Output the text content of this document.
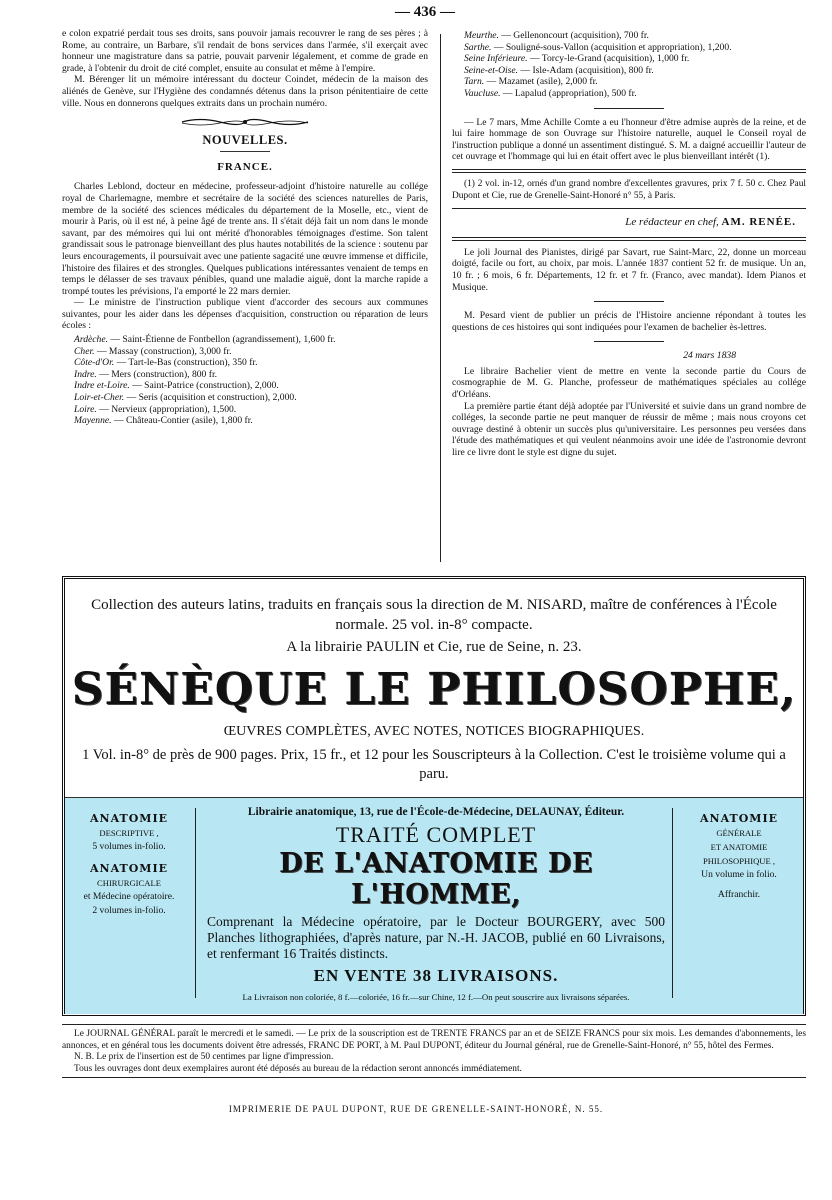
— 436 —

e colon expatrié perdait tous ses droits, sans pouvoir jamais recouvrer le rang de ses pères ; à Rome, au contraire, un Barbare, s'il rendait de bons services dans l'armée, s'il exerçait avec honneur une magistrature dans sa patrie, pouvait parvenir légalement, et comme de grade en grade, à l'obtenir du droit de cité complet, ensuite au consulat et même à l'empire.

M. Bérenger lit un mémoire intéressant du docteur Coindet, médecin de la maison des aliénés de Genève, sur l'Hygiène des condamnés détenus dans la prison pénitentiaire de cette ville. Nous en donnerons quelques extraits dans un prochain numéro.

NOUVELLES.
FRANCE.

Charles Leblond, docteur en médecine, professeur-adjoint d'histoire naturelle au collége royal de Charlemagne, membre et secrétaire de la société des sciences naturelles de Paris, membre de la société des sciences médicales du département de la Moselle, etc., vient de mourir à Paris, où il est né, à peine âgé de trente ans. Il s'était déjà fait un nom dans le monde savant, par des mémoires qui lui ont mérité d'honorables témoignages d'estime. Son talent grandissait sous le patronage bienveillant des plus hautes notabilités de la science : soutenu par leurs encouragements, il poursuivait avec une patiente sagacité une œuvre immense et difficile, l'histoire des filaires et des strongles. Quelques publications intéressantes venaient de temps en temps le délasser de ses travaux pénibles, quand une maladie aiguë, dont la marche rapide a trompé toutes les prévisions, l'a emporté le 22 mars dernier.

— Le ministre de l'instruction publique vient d'accorder des secours aux communes suivantes, pour les aider dans les dépenses d'acquisition, construction ou réparation de leurs écoles :

Ardèche. — Saint-Étienne de Fontbellon (agrandissement), 1,600 fr.
Cher. — Massay (construction), 3,000 fr.
Côte-d'Or. — Tart-le-Bas (construction), 350 fr.
Indre. — Mers (construction), 800 fr.
Indre et-Loire. — Saint-Patrice (construction), 2,000.
Loir-et-Cher. — Seris (acquisition et construction), 2,000.
Loire. — Nervieux (appropriation), 1,500.
Mayenne. — Château-Contier (asile), 1,800 fr.
Meurthe. — Gellenoncourt (acquisition), 700 fr.
Sarthe. — Souligné-sous-Vallon (acquisition et appropriation), 1,200.
Seine Inférieure. — Torcy-le-Grand (acquisition), 1,000 fr.
Seine-et-Oise. — Isle-Adam (acquisition), 800 fr.
Tarn. — Mazamet (asile), 2,000 fr.
Vaucluse. — Lapalud (appropriation), 500 fr.

— Le 7 mars, Mme Achille Comte a eu l'honneur d'être admise auprès de la reine, et de lui faire hommage de son Ouvrage sur l'histoire naturelle, auquel le Conseil royal de l'instruction publique a donné un assentiment distingué. S. M. a daigné accueillir l'auteur de cet ouvrage et l'hommage qui lui en était offert avec le plus bienveillant intérêt (1).

(1) 2 vol. in-12, ornés d'un grand nombre d'excellentes gravures, prix 7 f. 50 c. Chez Paul Dupont et Cie, rue de Grenelle-Saint-Honoré n° 55, à Paris.

Le rédacteur en chef, AM. RENÉE.

Le joli Journal des Pianistes, dirigé par Savart, rue Saint-Marc, 22, donne un morceau doigté, facile ou fort, au choix, par mois. L'année 1837 contient 52 fr. de musique. Un an, 10 fr. ; 6 mois, 6 fr. Départements, 12 fr. et 7 fr. (Franco, avec mandat). Idem Pianos et Musique.

M. Pesard vient de publier un précis de l'Histoire ancienne répondant à toutes les questions de ces histoires qui sont indiquées pour l'examen de bachelier ès-lettres.

24 mars 1838

Le libraire Bachelier vient de mettre en vente la seconde partie du Cours de cosmographie de M. G. Planche, professeur de mathématiques spéciales au collége d'Orléans.

La première partie étant déjà adoptée par l'Université et suivie dans un grand nombre de colléges, la seconde partie ne peut manquer de réussir de même ; mais nous croyons cet ouvrage destiné à obtenir un succès plus qu'universitaire. Les personnes peu versées dans l'étude des mathématiques et qui veulent néanmoins avoir une idée de l'astronomie devront lire ce livre dont le style est digne du sujet.

Collection des auteurs latins, traduits en français sous la direction de M. NISARD, maître de conférences à l'École normale. 25 vol. in-8° compacte.
A la librairie PAULIN et Cie, rue de Seine, n. 23.
SÉNÈQUE LE PHILOSOPHE,
ŒUVRES COMPLÈTES, AVEC NOTES, NOTICES BIOGRAPHIQUES.
1 Vol. in-8° de près de 900 pages. Prix, 15 fr., et 12 pour les Souscripteurs à la Collection. C'est le troisième volume qui a paru.
ANATOMIE
DESCRIPTIVE ,
5 volumes in-folio.
ANATOMIE
CHIRURGICALE
et Médecine opératoire.
2 volumes in-folio.
Librairie anatomique, 13, rue de l'École-de-Médecine, DELAUNAY, Éditeur.
TRAITÉ COMPLET
DE L'ANATOMIE DE L'HOMME,
Comprenant la Médecine opératoire, par le Docteur BOURGERY, avec 500 Planches lithographiées, d'après nature, par N.-H. JACOB, publié en 60 Livraisons, et renfermant 16 Traités distincts.
EN VENTE 38 LIVRAISONS.
La Livraison non coloriée, 8 f.—coloriée, 16 fr.—sur Chine, 12 f.—On peut souscrire aux livraisons séparées.
ANATOMIE
GÉNÉRALE
ET ANATOMIE
PHILOSOPHIQUE ,
Un volume in folio.
Affranchir.

Le JOURNAL GÉNÉRAL paraît le mercredi et le samedi. — Le prix de la souscription est de TRENTE FRANCS par an et de SEIZE FRANCS pour six mois. Les demandes d'abonnements, les annonces, et en général tous les documents doivent être adressés, FRANC DE PORT, à M. Paul DUPONT, éditeur du Journal général, rue de Grenelle-Saint-Honoré, n° 55, hôtel des Fermes.

N. B. Le prix de l'insertion est de 50 centimes par ligne d'impression.

Tous les ouvrages dont deux exemplaires auront été déposés au bureau de la rédaction seront annoncés immédiatement.

IMPRIMERIE DE PAUL DUPONT, RUE DE GRENELLE-SAINT-HONORÉ, N. 55.
